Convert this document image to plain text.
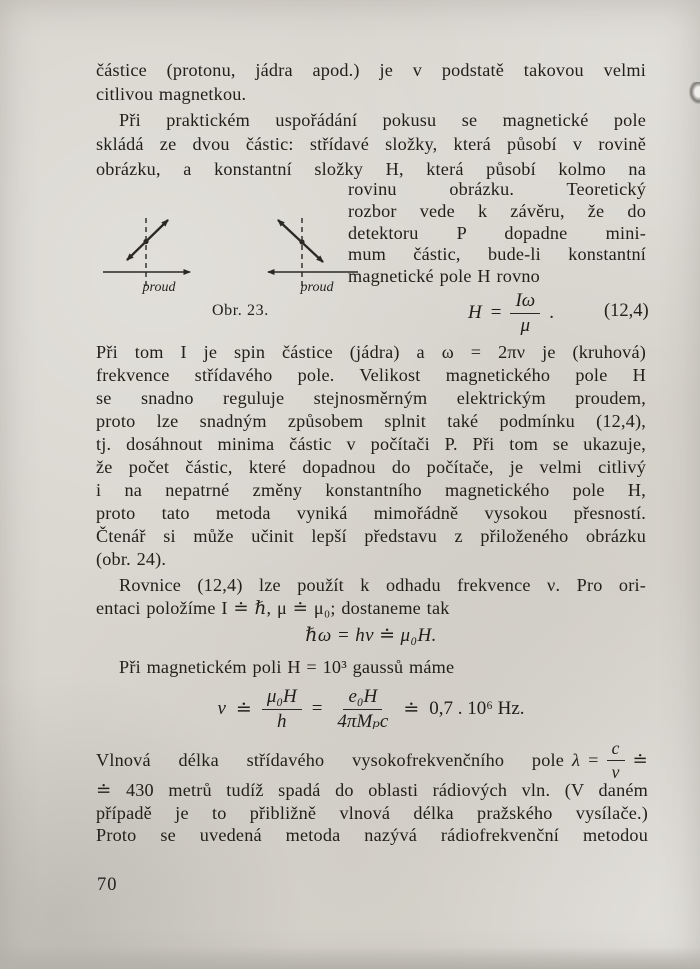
částice (protonu, jádra apod.) je v podstatě takovou velmi
citlivou magnetkou.
Při praktickém uspořádání pokusu se magnetické pole
skládá ze dvou částic: střídavé složky, která působí v rovině
obrázku, a konstantní složky H, která působí kolmo na
rovinu obrázku. Teoretický
rozbor vede k závěru, že do
detektoru P dopadne mini-
mum částic, bude-li konstantní
magnetické pole H rovno
proud	proud
Obr. 23.	$H = \frac{I\omega}{\mu}$ .	(12,4)
Při tom I je spin částice (jádra) a ω = 2πν je (kruhová)
frekvence střídavého pole. Velikost magnetického pole H
se snadno reguluje stejnosměrným elektrickým proudem,
proto lze snadným způsobem splnit také podmínku (12,4),
tj. dosáhnout minima částic v počítači P. Při tom se ukazuje,
že počet částic, které dopadnou do počítače, je velmi citlivý
i na nepatrné změny konstantního magnetického pole H,
proto tato metoda vyniká mimořádně vysokou přesností.
Čtenář si může učinit lepší představu z přiloženého obrázku
(obr. 24).
Rovnice (12,4) lze použít k odhadu frekvence ν. Pro ori-
entaci položíme I ≐ ℏ, μ ≐ μ₀; dostaneme tak
ℏω = hν ≐ μ₀H.
Při magnetickém poli H = 10³ gaussů máme
ν ≐ $\frac{\text{μ₀H}}{h} = \frac{\text{e₀H}}{\text{4πMₚc}}$ ≐ 0,7 . 10⁶ Hz.
Vlnová délka střídavého vysokofrekvenčního pole $\lambda = \frac{c}{\nu}$ ≐
≐ 430 metrů tudíž spadá do oblasti rádiových vln. (V daném
případě je to přibližně vlnová délka pražského vysílače.)
Proto se uvedená metoda nazývá rádiofrekvenční metodou
70
